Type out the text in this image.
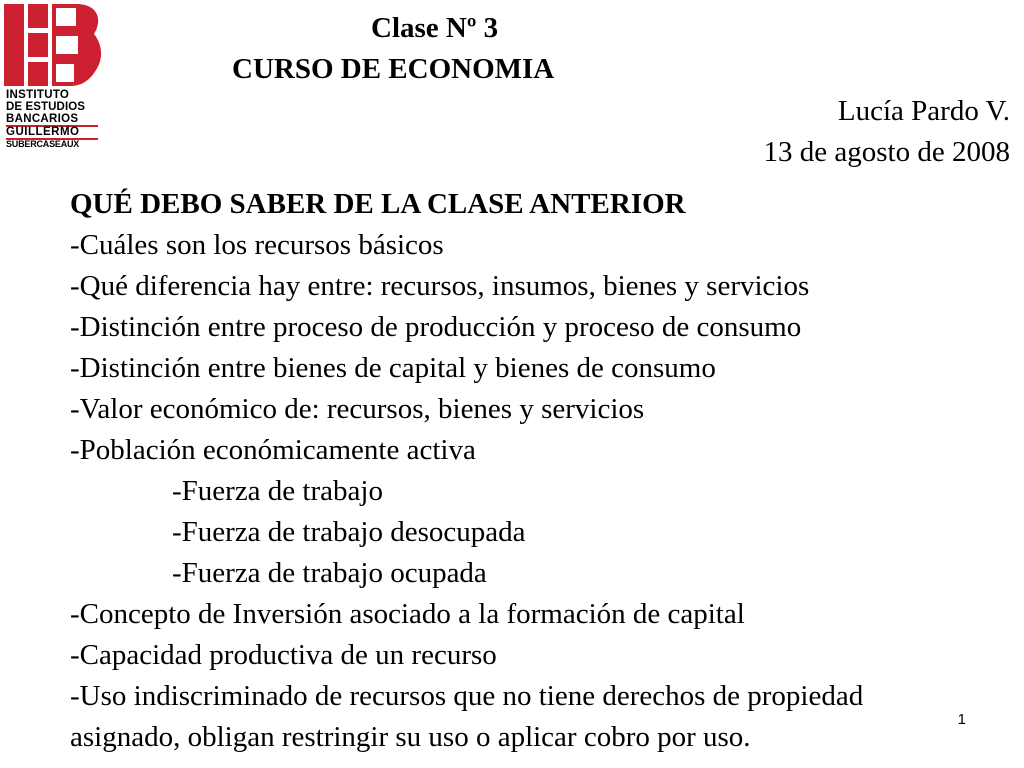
INSTITUTO
DE ESTUDIOS
BANCARIOS
GUILLERMO
SUBERCASEAUX
Clase Nº 3
CURSO DE ECONOMIA
Lucía Pardo V.
13 de agosto de 2008
QUÉ DEBO SABER DE LA CLASE ANTERIOR
-Cuáles son los recursos básicos
-Qué diferencia hay entre: recursos, insumos, bienes y servicios
-Distinción entre proceso de producción y proceso de consumo
-Distinción entre bienes de capital y bienes de consumo
-Valor económico de: recursos, bienes y servicios
-Población económicamente activa
-Fuerza de trabajo
-Fuerza de trabajo desocupada
-Fuerza de trabajo ocupada
-Concepto de Inversión asociado a la formación de capital
-Capacidad productiva de un recurso
-Uso indiscriminado de recursos que no tiene derechos de propiedad
asignado, obligan restringir su uso o aplicar cobro por uso.
1
